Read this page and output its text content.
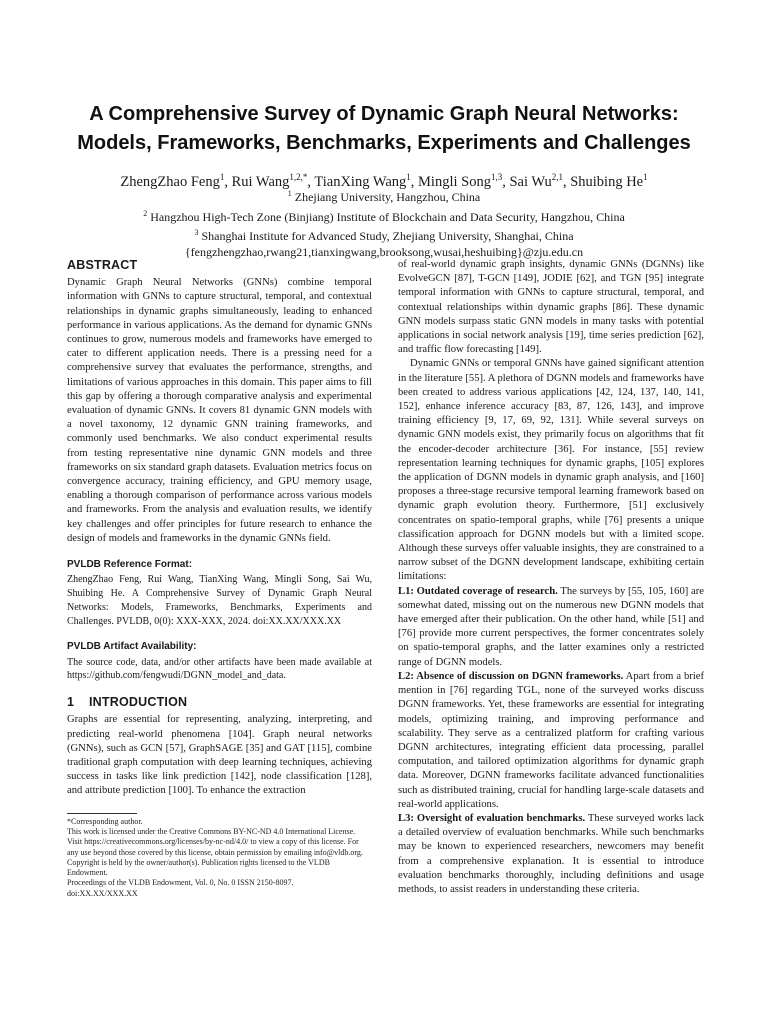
A Comprehensive Survey of Dynamic Graph Neural Networks:
Models, Frameworks, Benchmarks, Experiments and Challenges
ZhengZhao Feng$^1$, Rui Wang$^{1,2,*}$, TianXing Wang$^1$, Mingli Song$^{1,3}$, Sai Wu$^{2,1}$, Shuibing He$^1$
$^1$ Zhejiang University, Hangzhou, China
$^2$ Hangzhou High-Tech Zone (Binjiang) Institute of Blockchain and Data Security, Hangzhou, China
$^3$ Shanghai Institute for Advanced Study, Zhejiang University, Shanghai, China
{fengzhengzhao,rwang21,tianxingwang,brooksong,wusai,heshuibing}@zju.edu.cn
ABSTRACT

Dynamic Graph Neural Networks (GNNs) combine temporal information with GNNs to capture structural, temporal, and contextual relationships in dynamic graphs simultaneously, leading to enhanced performance in various applications. As the demand for dynamic GNNs continues to grow, numerous models and frameworks have emerged to cater to different application needs. There is a pressing need for a comprehensive survey that evaluates the performance, strengths, and limitations of various approaches in this domain. This paper aims to fill this gap by offering a thorough comparative analysis and experimental evaluation of dynamic GNNs. It covers 81 dynamic GNN models with a novel taxonomy, 12 dynamic GNN training frameworks, and commonly used benchmarks. We also conduct experimental results from testing representative nine dynamic GNN models and three frameworks on six standard graph datasets. Evaluation metrics focus on convergence accuracy, training efficiency, and GPU memory usage, enabling a thorough comparison of performance across various models and frameworks. From the analysis and evaluation results, we identify key challenges and offer principles for future research to enhance the design of models and frameworks in the dynamic GNNs field.

PVLDB Reference Format:

ZhengZhao Feng, Rui Wang, TianXing Wang, Mingli Song, Sai Wu, Shuibing He. A Comprehensive Survey of Dynamic Graph Neural Networks: Models, Frameworks, Benchmarks, Experiments and Challenges. PVLDB, 0(0): XXX-XXX, 2024. doi:XX.XX/XXX.XX

PVLDB Artifact Availability:

The source code, data, and/or other artifacts have been made available at https://github.com/fengwudi/DGNN_model_and_data.

1 INTRODUCTION

Graphs are essential for representing, analyzing, interpreting, and predicting real-world phenomena [104]. Graph neural networks (GNNs), such as GCN [57], GraphSAGE [35] and GAT [115], combine traditional graph computation with deep learning techniques, achieving success in tasks like link prediction [142], node classification [128], and attribute prediction [100]. To enhance the extraction

*Corresponding author.

This work is licensed under the Creative Commons BY-NC-ND 4.0 International License. Visit https://creativecommons.org/licenses/by-nc-nd/4.0/ to view a copy of this license. For any use beyond those covered by this license, obtain permission by emailing info@vldb.org. Copyright is held by the owner/author(s). Publication rights licensed to the VLDB Endowment.

Proceedings of the VLDB Endowment, Vol. 0, No. 0 ISSN 2150-8097.

doi:XX.XX/XXX.XX

of real-world dynamic graph insights, dynamic GNNs (DGNNs) like EvolveGCN [87], T-GCN [149], JODIE [62], and TGN [95] integrate temporal information with GNNs to capture structural, temporal, and contextual relationships within dynamic graphs [86]. These dynamic GNN models surpass static GNN models in many tasks with potential applications in social network analysis [19], time series prediction [62], and traffic flow forecasting [149].

Dynamic GNNs or temporal GNNs have gained significant attention in the literature [55]. A plethora of DGNN models and frameworks have been created to address various applications [42, 124, 137, 140, 141, 152], enhance inference accuracy [83, 87, 126, 143], and improve training efficiency [9, 17, 69, 92, 131]. While several surveys on dynamic GNN models exist, they primarily focus on algorithms that fit the encoder-decoder architecture [36]. For instance, [55] review representation learning techniques for dynamic graphs, [105] explores the application of DGNN models in dynamic graph analysis, and [160] proposes a three-stage recursive temporal learning framework based on dynamic graph evolution theory. Furthermore, [51] exclusively concentrates on spatio-temporal graphs, while [76] presents a unique classification approach for DGNN models but with a limited scope. Although these surveys offer valuable insights, they are constrained to a narrow subset of the DGNN development landscape, exhibiting certain limitations:

L1: Outdated coverage of research. The surveys by [55, 105, 160] are somewhat dated, missing out on the numerous new DGNN models that have emerged after their publication. On the other hand, while [51] and [76] provide more current perspectives, the former concentrates solely on spatio-temporal graphs, and the latter examines only a restricted range of DGNN models.

L2: Absence of discussion on DGNN frameworks. Apart from a brief mention in [76] regarding TGL, none of the surveyed works discuss DGNN frameworks. Yet, these frameworks are essential for integrating models, optimizing training, and improving performance and scalability. They serve as a centralized platform for crafting various DGNN architectures, integrating efficient data processing, parallel computation, and tailored optimization algorithms for dynamic graph data. Moreover, DGNN frameworks facilitate advanced functionalities such as distributed training, crucial for handling large-scale datasets and real-world applications.

L3: Oversight of evaluation benchmarks. These surveyed works lack a detailed overview of evaluation benchmarks. While such benchmarks may be known to experienced researchers, newcomers may benefit from a comprehensive explanation. It is essential to introduce evaluation benchmarks thoroughly, including definitions and usage methods, to assist readers in understanding these criteria.
